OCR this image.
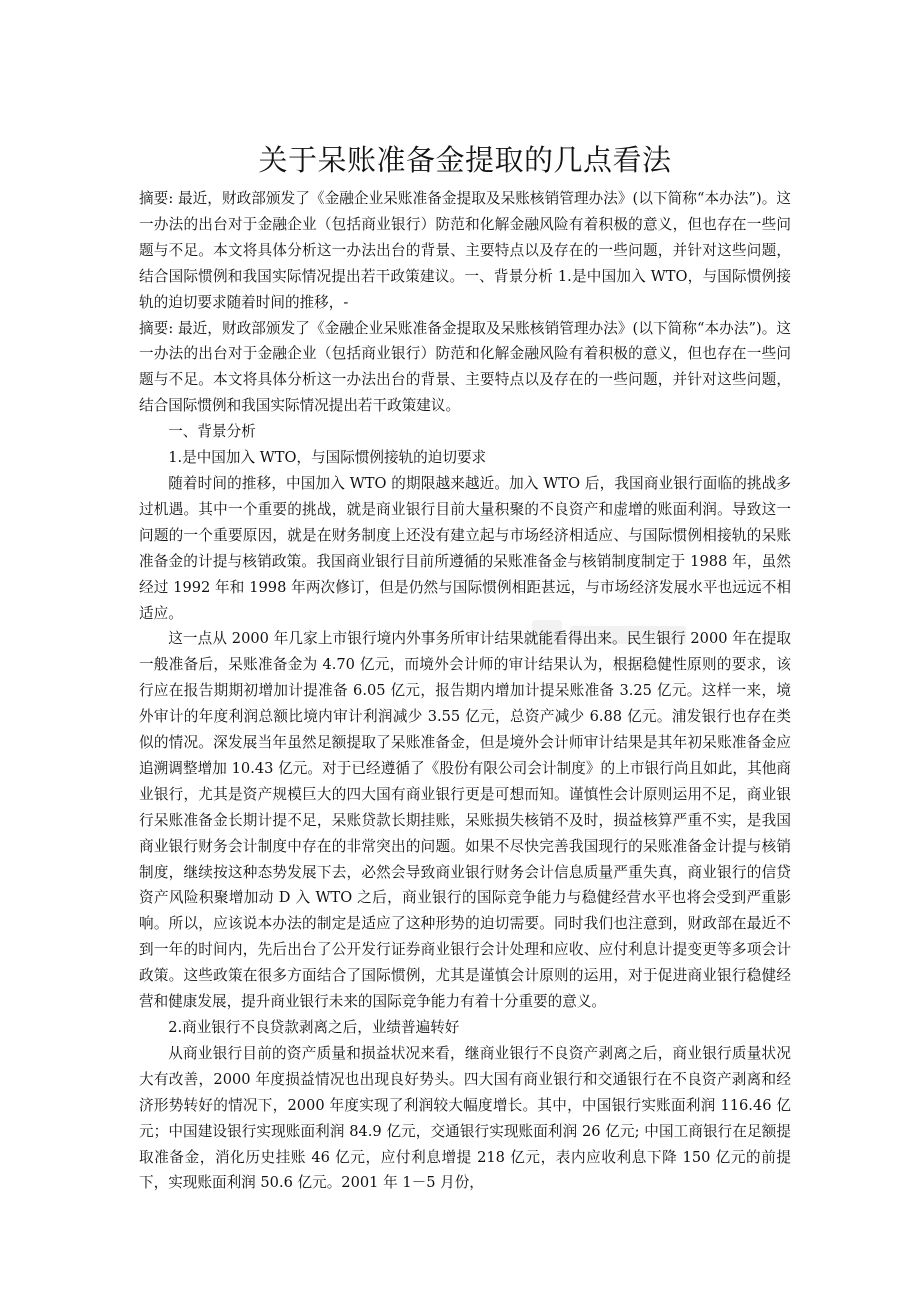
关于呆账准备金提取的几点看法

摘要: 最近，财政部颁发了《金融企业呆账准备金提取及呆账核销管理办法》(以下简称“本办法”)。这一办法的出台对于金融企业（包括商业银行）防范和化解金融风险有着积极的意义，但也存在一些问题与不足。本文将具体分析这一办法出台的背景、主要特点以及存在的一些问题，并针对这些问题，结合国际惯例和我国实际情况提出若干政策建议。一、背景分析 1.是中国加入 WTO，与国际惯例接轨的迫切要求随着时间的推移，-

摘要: 最近，财政部颁发了《金融企业呆账准备金提取及呆账核销管理办法》(以下简称“本办法”)。这一办法的出台对于金融企业（包括商业银行）防范和化解金融风险有着积极的意义，但也存在一些问题与不足。本文将具体分析这一办法出台的背景、主要特点以及存在的一些问题，并针对这些问题，结合国际惯例和我国实际情况提出若干政策建议。

一、背景分析

1.是中国加入 WTO，与国际惯例接轨的迫切要求

随着时间的推移，中国加入 WTO 的期限越来越近。加入 WTO 后，我国商业银行面临的挑战多过机遇。其中一个重要的挑战，就是商业银行目前大量积聚的不良资产和虚增的账面利润。导致这一问题的一个重要原因，就是在财务制度上还没有建立起与市场经济相适应、与国际惯例相接轨的呆账准备金的计提与核销政策。我国商业银行目前所遵循的呆账准备金与核销制度制定于 1988 年，虽然经过 1992 年和 1998 年两次修订，但是仍然与国际惯例相距甚远，与市场经济发展水平也远远不相适应。

这一点从 2000 年几家上市银行境内外事务所审计结果就能看得出来。民生银行 2000 年在提取一般准备后，呆账准备金为 4.70 亿元，而境外会计师的审计结果认为，根据稳健性原则的要求，该行应在报告期期初增加计提准备 6.05 亿元，报告期内增加计提呆账准备 3.25 亿元。这样一来，境外审计的年度利润总额比境内审计利润减少 3.55 亿元，总资产减少 6.88 亿元。浦发银行也存在类似的情况。深发展当年虽然足额提取了呆账准备金，但是境外会计师审计结果是其年初呆账准备金应追溯调整增加 10.43 亿元。对于已经遵循了《股份有限公司会计制度》的上市银行尚且如此，其他商业银行，尤其是资产规模巨大的四大国有商业银行更是可想而知。谨慎性会计原则运用不足，商业银行呆账准备金长期计提不足，呆账贷款长期挂账，呆账损失核销不及时，损益核算严重不实，是我国商业银行财务会计制度中存在的非常突出的问题。如果不尽快完善我国现行的呆账准备金计提与核销制度，继续按这种态势发展下去，必然会导致商业银行财务会计信息质量严重失真，商业银行的信贷资产风险积聚增加动 D 入 WTO 之后，商业银行的国际竞争能力与稳健经营水平也将会受到严重影响。所以，应该说本办法的制定是适应了这种形势的迫切需要。同时我们也注意到，财政部在最近不到一年的时间内，先后出台了公开发行证券商业银行会计处理和应收、应付利息计提变更等多项会计政策。这些政策在很多方面结合了国际惯例，尤其是谨慎会计原则的运用，对于促进商业银行稳健经营和健康发展，提升商业银行未来的国际竞争能力有着十分重要的意义。

2.商业银行不良贷款剥离之后，业绩普遍转好

从商业银行目前的资产质量和损益状况来看，继商业银行不良资产剥离之后，商业银行质量状况大有改善，2000 年度损益情况也出现良好势头。四大国有商业银行和交通银行在不良资产剥离和经济形势转好的情况下，2000 年度实现了利润较大幅度增长。其中，中国银行实账面利润 116.46 亿元；中国建设银行实现账面利润 84.9 亿元，交通银行实现账面利润 26 亿元; 中国工商银行在足额提取准备金，消化历史挂账 46 亿元，应付利息增提 218 亿元，表内应收利息下降 150 亿元的前提下，实现账面利润 50.6 亿元。2001 年 1－5 月份，
